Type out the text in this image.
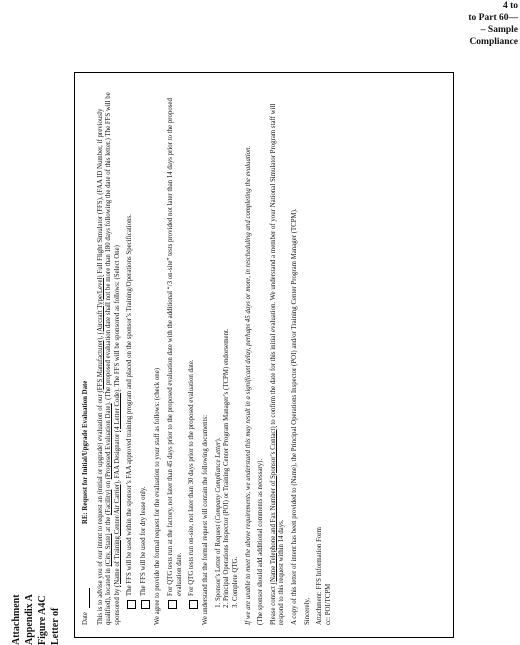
Attachment Appendix A Figure A4C Letter of
4 to
to Part 60—
– Sample
Compliance
Date
RE: Request for Initial/Upgrade Evaluation Date This is to advise you of our intent to request an (initial or upgrade) evaluation of our (FFS Manufacturer), (Aircraft Type/Level) Full Flight Simulator (FFS), (FAA ID Number, if previously qualified), located in (City, State) at the (Facility) on (Proposed Evaluation Date). (The proposed evaluation date shall not be more than 180 days following the date of this letter.) The FFS will be sponsored by (Name of Training Center/Air Carrier), FAA Designator (4 Letter Code). The FFS will be sponsored as follows: (Select One) The FFS will be used within the sponsor’s FAA approved training program and placed on the sponsor’s Training/Operations Specifications.	The FFS will be used for dry lease only.	We agree to provide the formal request for the evaluation to your staff as follows: (check one) For QTG tests run at the factory, not later than 45 days prior to the proposed evaluation date with the additional “/3 on-site” tests provided not later than 14 days prior to the proposed evaluation date. For QTG tests run on-site, not later than 30 days prior to the proposed evaluation date.	We understand that the formal request will contain the following documents: 1. Sponsor’s Letter of Request (Company Compliance Letter). 2. Principal Operations Inspector (POI) or Training Center Program Manager’s (TCPM) endorsement. 3. Complete QTG. If we are unable to meet the above requirements, we understand this may result in a significant delay, perhaps 45 days or more, in rescheduling and completing the evaluation. (The sponsor should add additional comments as necessary). Please contact (Name Telephone and Fax Number of Sponsor’s Contact) to confirm the date for this initial evaluation. We understand a member of your National Simulator Program staff will respond to this request within 14 days. A copy of this letter of intent has been provided to (Name), the Principal Operations Inspector (POI) and/or Training Center Program Manager (TCPM). Sincerely, Attachment: FFS Information Form cc: POI/TCPM
